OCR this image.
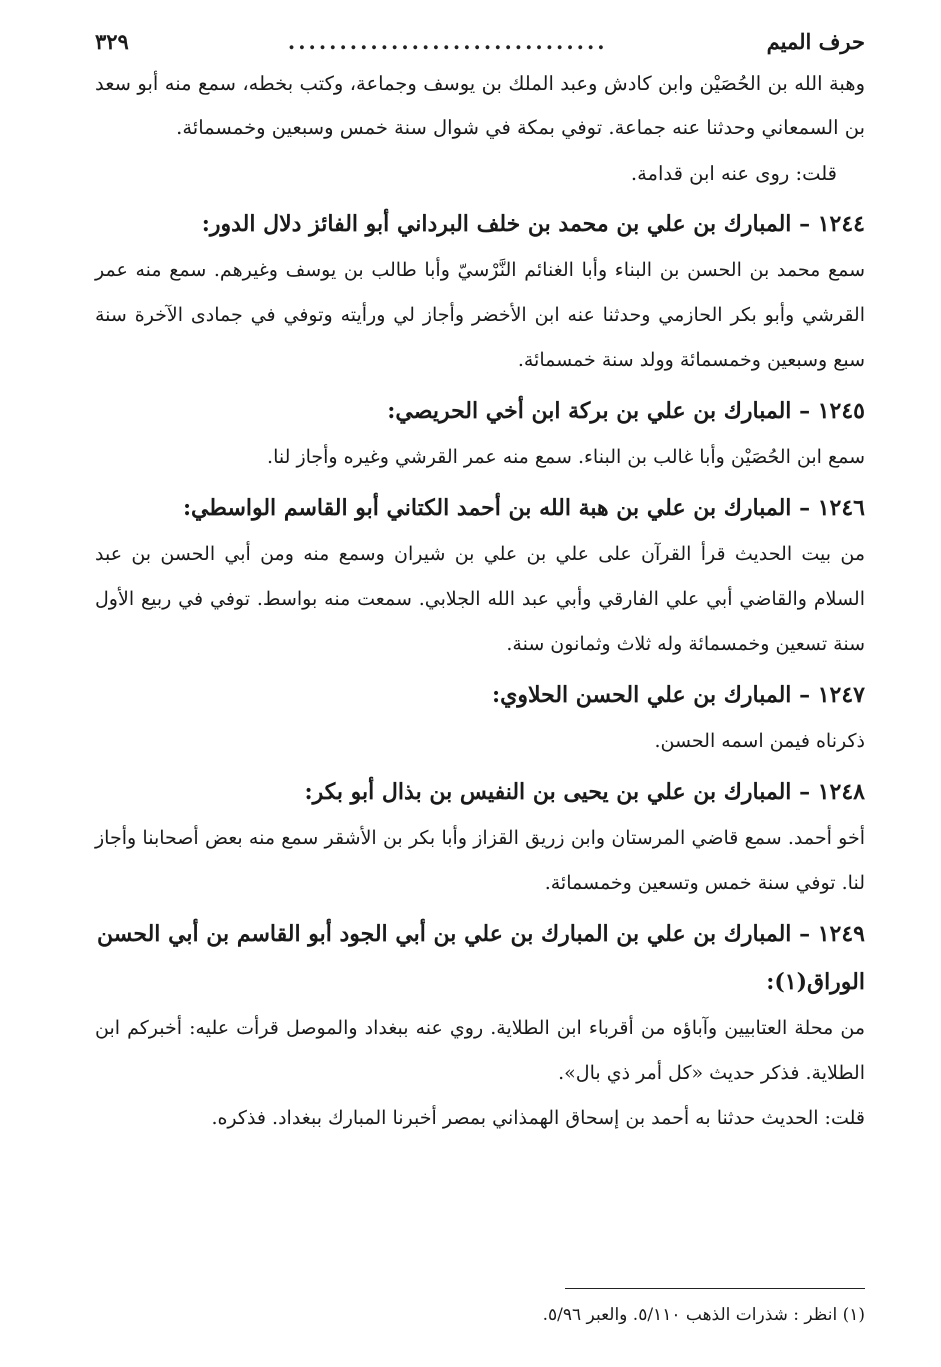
حرف الميم
...............................
٣٢٩

وهبة الله بن الحُصَيْن وابن كادش وعبد الملك بن يوسف وجماعة، وكتب بخطه، سمع منه أبو سعد بن السمعاني وحدثنا عنه جماعة. توفي بمكة في شوال سنة خمس وسبعين وخمسمائة.

قلت: روى عنه ابن قدامة.

١٢٤٤ – المبارك بن علي بن محمد بن خلف البرداني أبو الفائز دلال الدور:

سمع محمد بن الحسن بن البناء وأبا الغنائم النَّرْسيّ وأبا طالب بن يوسف وغيرهم. سمع منه عمر القرشي وأبو بكر الحازمي وحدثنا عنه ابن الأخضر وأجاز لي ورأيته وتوفي في جمادى الآخرة سنة سبع وسبعين وخمسمائة وولد سنة خمسمائة.

١٢٤٥ – المبارك بن علي بن بركة ابن أخي الحريصي:

سمع ابن الحُصَيْن وأبا غالب بن البناء. سمع منه عمر القرشي وغيره وأجاز لنا.

١٢٤٦ – المبارك بن علي بن هبة الله بن أحمد الكتاني أبو القاسم الواسطي:

من بيت الحديث قرأ القرآن على علي بن علي بن شيران وسمع منه ومن أبي الحسن بن عبد السلام والقاضي أبي علي الفارقي وأبي عبد الله الجلابي. سمعت منه بواسط. توفي في ربيع الأول سنة تسعين وخمسمائة وله ثلاث وثمانون سنة.

١٢٤٧ – المبارك بن علي الحسن الحلاوي:

ذكرناه فيمن اسمه الحسن.

١٢٤٨ – المبارك بن علي بن يحيى بن النفيس بن بذال أبو بكر:

أخو أحمد. سمع قاضي المرستان وابن زريق القزاز وأبا بكر بن الأشقر سمع منه بعض أصحابنا وأجاز لنا. توفي سنة خمس وتسعين وخمسمائة.

١٢٤٩ – المبارك بن علي بن المبارك بن علي بن أبي الجود أبو القاسم بن أبي الحسن الوراق(١):

من محلة العتابيين وآباؤه من أقرباء ابن الطلاية. روي عنه ببغداد والموصل قرأت عليه: أخبركم ابن الطلاية. فذكر حديث «كل أمر ذي بال».

قلت: الحديث حدثنا به أحمد بن إسحاق الهمذاني بمصر أخبرنا المبارك ببغداد. فذكره.

(١) انظر : شذرات الذهب ٥/١١٠. والعبر ٥/٩٦.
